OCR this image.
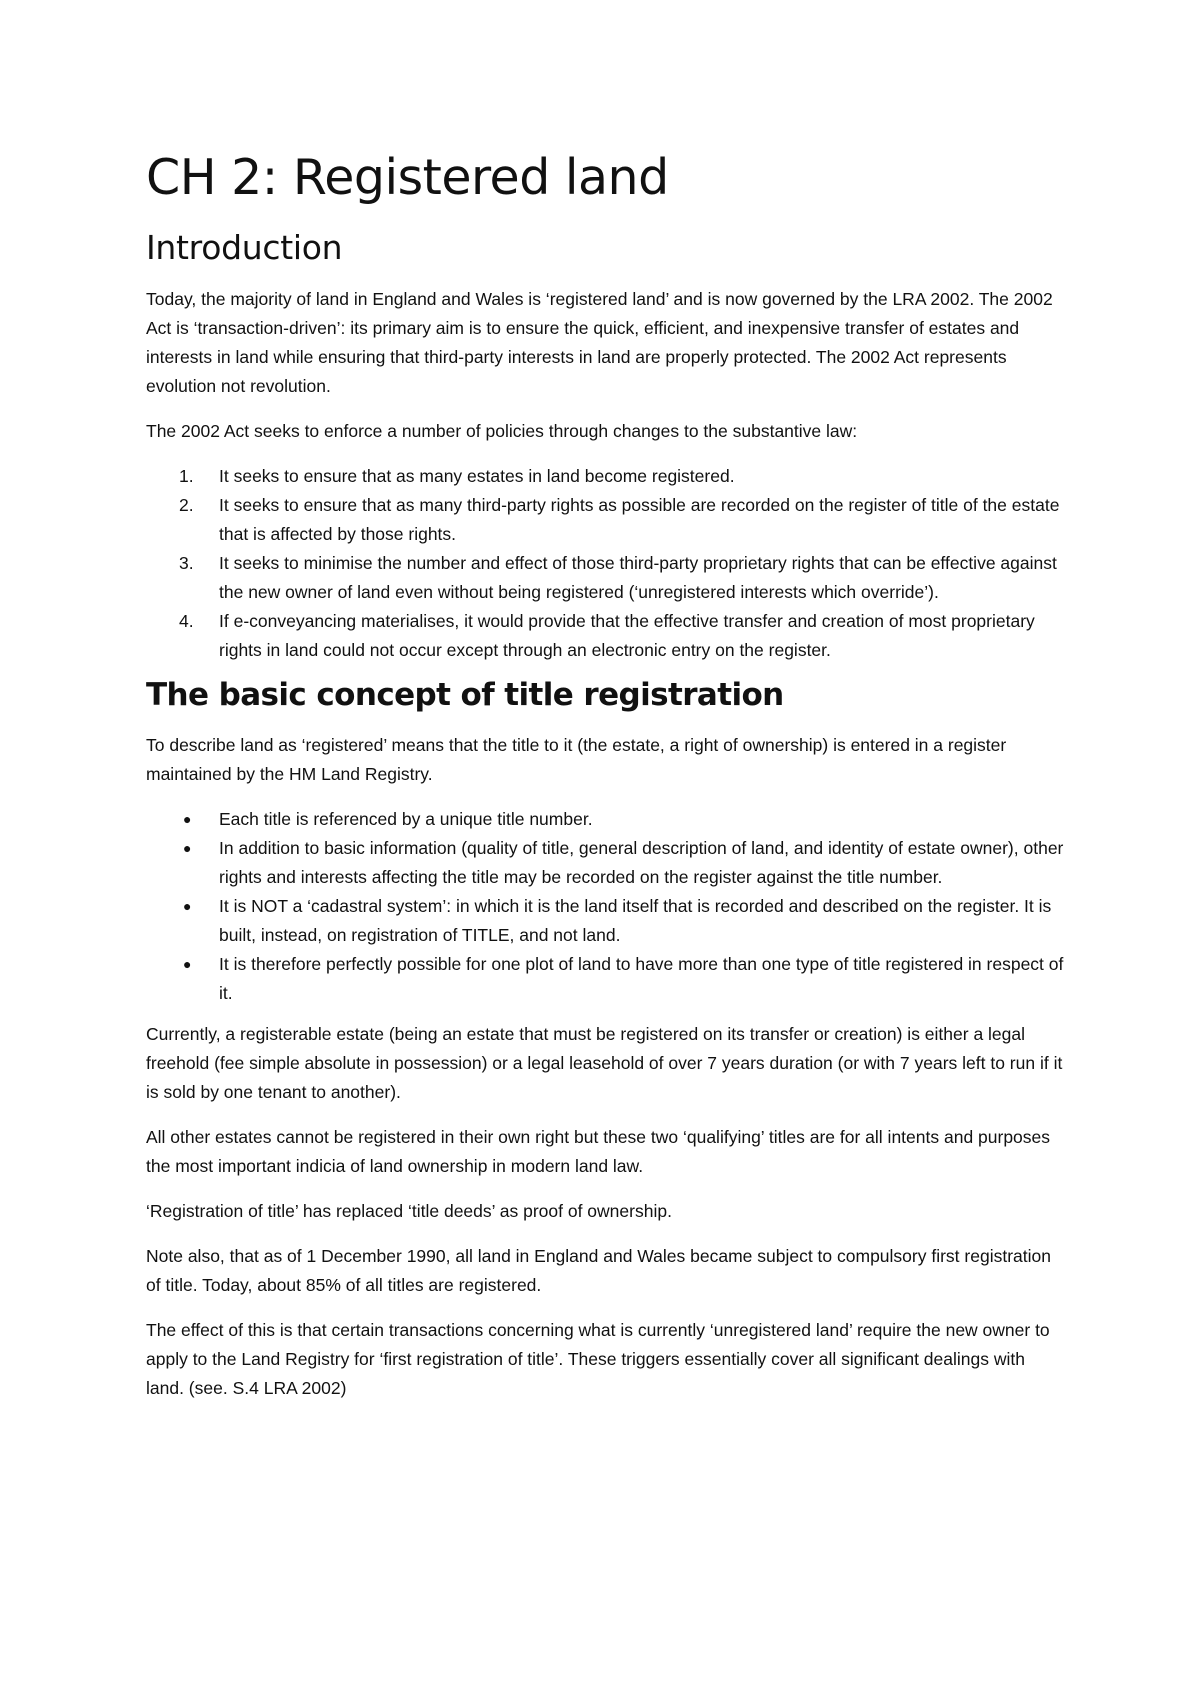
CH 2: Registered land
Introduction

Today, the majority of land in England and Wales is ‘registered land’ and is now governed by the LRA 2002. The 2002 Act is ‘transaction-driven’: its primary aim is to ensure the quick, efficient, and inexpensive transfer of estates and interests in land while ensuring that third-party interests in land are properly protected. The 2002 Act represents evolution not revolution.

The 2002 Act seeks to enforce a number of policies through changes to the substantive law:

1. It seeks to ensure that as many estates in land become registered.
2. It seeks to ensure that as many third-party rights as possible are recorded on the register of title of the estate that is affected by those rights.
3. It seeks to minimise the number and effect of those third-party proprietary rights that can be effective against the new owner of land even without being registered (‘unregistered interests which override’).
4. If e-conveyancing materialises, it would provide that the effective transfer and creation of most proprietary rights in land could not occur except through an electronic entry on the register.
The basic concept of title registration

To describe land as ‘registered’ means that the title to it (the estate, a right of ownership) is entered in a register maintained by the HM Land Registry.

● Each title is referenced by a unique title number.
● In addition to basic information (quality of title, general description of land, and identity of estate owner), other rights and interests affecting the title may be recorded on the register against the title number.
● It is NOT a ‘cadastral system’: in which it is the land itself that is recorded and described on the register. It is built, instead, on registration of TITLE, and not land.
● It is therefore perfectly possible for one plot of land to have more than one type of title registered in respect of it.

Currently, a registerable estate (being an estate that must be registered on its transfer or creation) is either a legal freehold (fee simple absolute in possession) or a legal leasehold of over 7 years duration (or with 7 years left to run if it is sold by one tenant to another).

All other estates cannot be registered in their own right but these two ‘qualifying’ titles are for all intents and purposes the most important indicia of land ownership in modern land law.

‘Registration of title’ has replaced ‘title deeds’ as proof of ownership.

Note also, that as of 1 December 1990, all land in England and Wales became subject to compulsory first registration of title. Today, about 85% of all titles are registered.

The effect of this is that certain transactions concerning what is currently ‘unregistered land’ require the new owner to apply to the Land Registry for ‘first registration of title’. These triggers essentially cover all significant dealings with land. (see. S.4 LRA 2002)
